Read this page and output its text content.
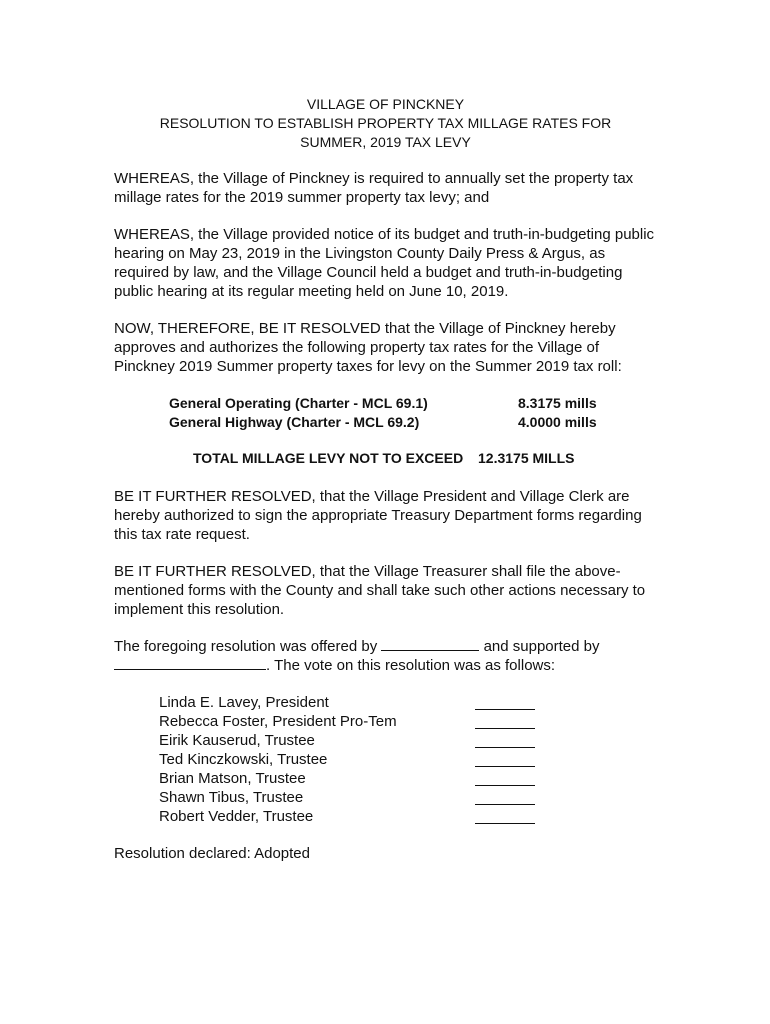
VILLAGE OF PINCKNEY
RESOLUTION TO ESTABLISH PROPERTY TAX MILLAGE RATES FOR
SUMMER, 2019 TAX LEVY

WHEREAS, the Village of Pinckney is required to annually set the property tax millage rates for the 2019 summer property tax levy; and

WHEREAS, the Village provided notice of its budget and truth-in-budgeting public hearing on May 23, 2019 in the Livingston County Daily Press & Argus, as required by law, and the Village Council held a budget and truth-in-budgeting public hearing at its regular meeting held on June 10, 2019.

NOW, THEREFORE, BE IT RESOLVED that the Village of Pinckney hereby approves and authorizes the following property tax rates for the Village of Pinckney 2019 Summer property taxes for levy on the Summer 2019 tax roll:

General Operating (Charter - MCL 69.1)	8.3175 mills
General Highway (Charter - MCL 69.2)	4.0000 mills
TOTAL MILLAGE LEVY NOT TO EXCEED 12.3175 MILLS

BE IT FURTHER RESOLVED, that the Village President and Village Clerk are hereby authorized to sign the appropriate Treasury Department forms regarding this tax rate request.

BE IT FURTHER RESOLVED, that the Village Treasurer shall file the above-mentioned forms with the County and shall take such other actions necessary to implement this resolution.

The foregoing resolution was offered by	and supported by . The vote on this resolution was as follows:

Linda E. Lavey, President
Rebecca Foster, President Pro-Tem
Eirik Kauserud, Trustee
Ted Kinczkowski, Trustee
Brian Matson, Trustee
Shawn Tibus, Trustee
Robert Vedder, Trustee

Resolution declared: Adopted
